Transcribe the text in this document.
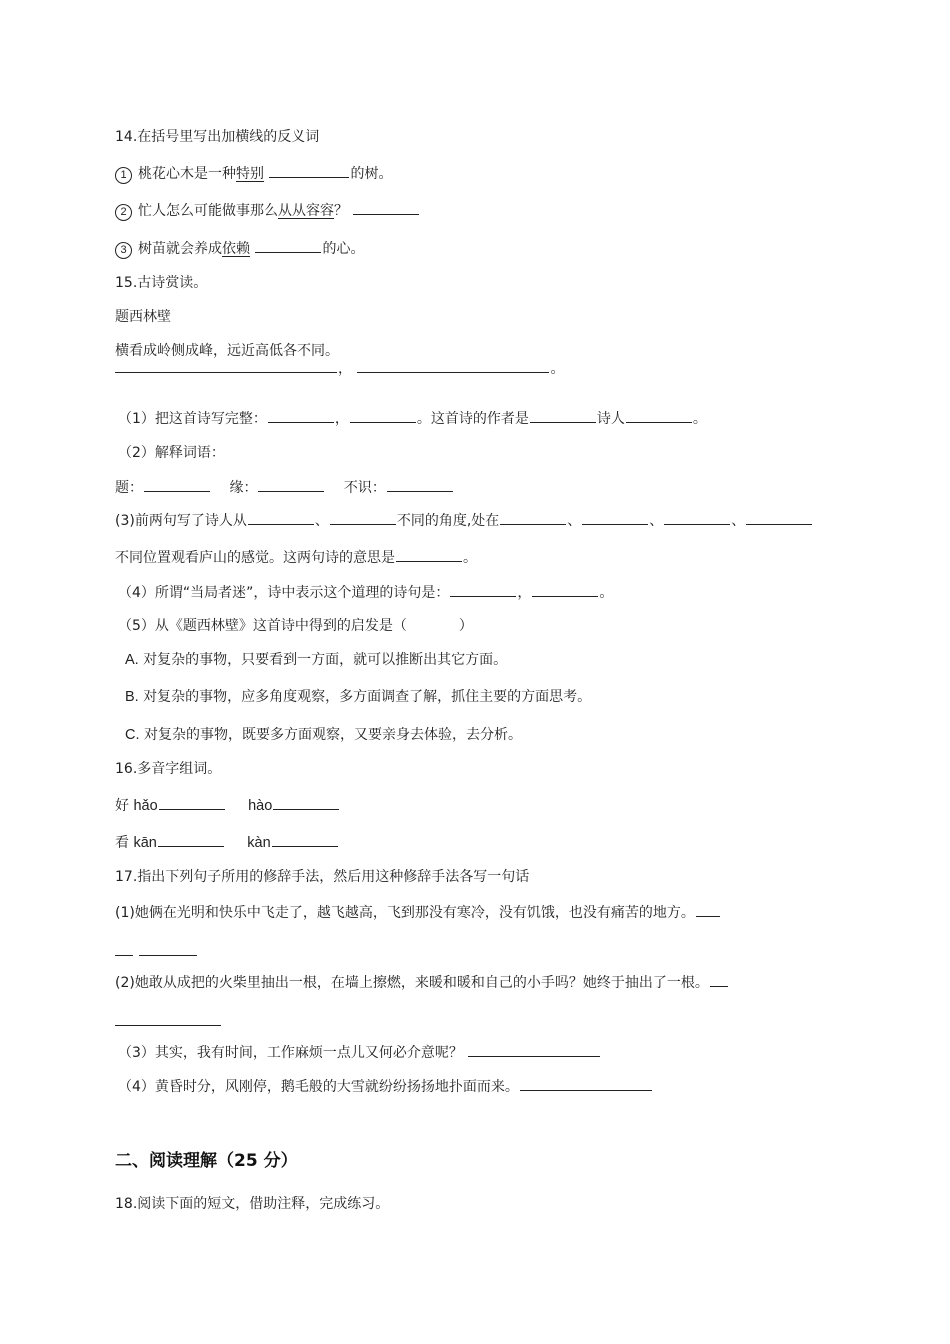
14.在括号里写出加横线的反义词
1 桃花心木是一种特别	的树。
2 忙人怎么可能做事那么从从容容？
3 树苗就会养成依赖	的心。
15.古诗赏读。
题西林壁
横看成岭侧成峰，远近高低各不同。
，	。
（1）把这首诗写完整：	，	。这首诗的作者是	诗人	。
（2）解释词语：
题：	缘：	不识：
(3)前两句写了诗人从	、	不同的角度,处在	、	、	、
不同位置观看庐山的感觉。这两句诗的意思是	。
（4）所谓“当局者迷”，诗中表示这个道理的诗句是：	，	。
（5）从《题西林壁》这首诗中得到的启发是（	）
A. 对复杂的事物，只要看到一方面，就可以推断出其它方面。
B. 对复杂的事物，应多角度观察，多方面调查了解，抓住主要的方面思考。
C. 对复杂的事物，既要多方面观察，又要亲身去体验，去分析。
16.多音字组词。
好 hǎo	hào
看 kān	kàn
17.指出下列句子所用的修辞手法，然后用这种修辞手法各写一句话
(1)她俩在光明和快乐中飞走了，越飞越高，飞到那没有寒冷，没有饥饿，也没有痛苦的地方。

(2)她敢从成把的火柴里抽出一根，在墙上擦燃，来暖和暖和自己的小手吗？她终于抽出了一根。
（3）其实，我有时间，工作麻烦一点儿又何必介意呢？
（4）黄昏时分，风刚停，鹅毛般的大雪就纷纷扬扬地扑面而来。
二、阅读理解（25 分）
18.阅读下面的短文，借助注释，完成练习。
